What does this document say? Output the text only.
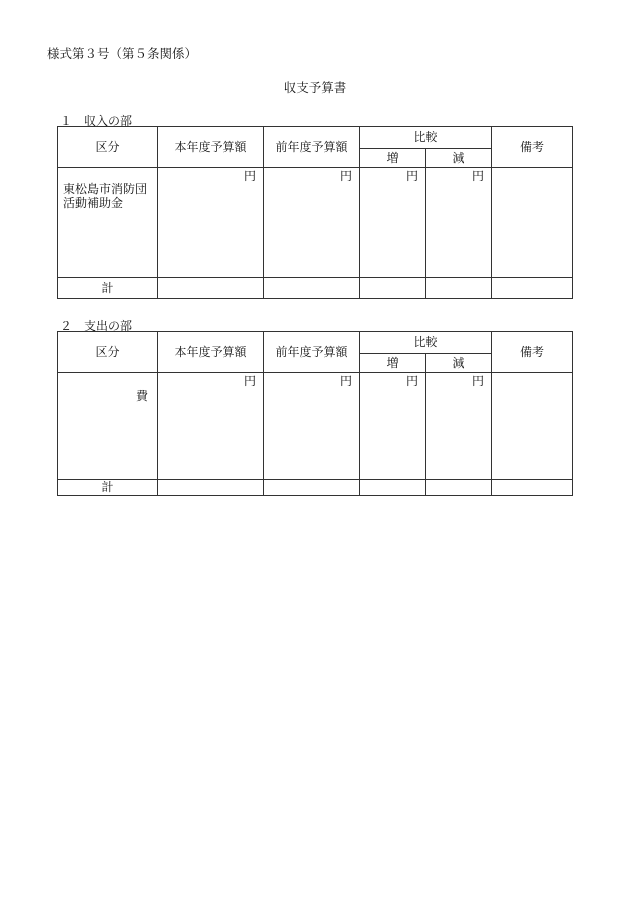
様式第３号（第５条関係）
収支予算書
１　収入の部
区分	本年度予算額	前年度予算額	比較		備考
			増	減	

東松島市消防団
活動補助金	円	円	円	円	
計					
２　支出の部
区分	本年度予算額	前年度予算額	比較		備考
			増	減	
費	円	円	円	円	
計					
